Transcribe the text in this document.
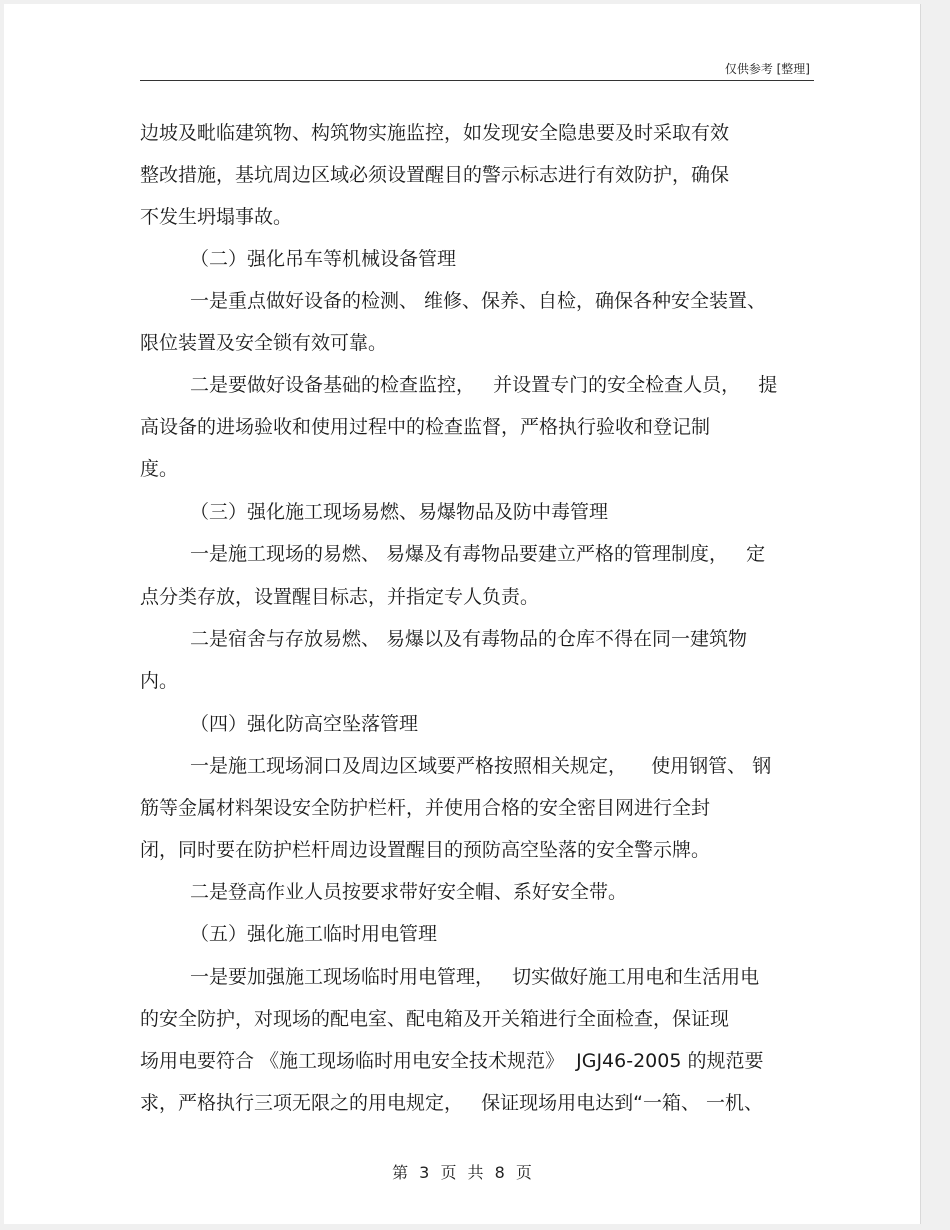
仅供参考 [整理]
边坡及毗临建筑物、构筑物实施监控，如发现安全隐患要及时采取有效
整改措施，基坑周边区域必须设置醒目的警示标志进行有效防护，确保
不发生坍塌事故。
（二）强化吊车等机械设备管理
一是重点做好设备的检测、 维修、保养、自检，确保各种安全装置、
限位装置及安全锁有效可靠。
二是要做好设备基础的检查监控，   并设置专门的安全检查人员，   提
高设备的进场验收和使用过程中的检查监督，严格执行验收和登记制
度。
（三）强化施工现场易燃、易爆物品及防中毒管理
一是施工现场的易燃、 易爆及有毒物品要建立严格的管理制度，   定
点分类存放，设置醒目标志，并指定专人负责。
二是宿舍与存放易燃、 易爆以及有毒物品的仓库不得在同一建筑物
内。
（四）强化防高空坠落管理
一是施工现场洞口及周边区域要严格按照相关规定，    使用钢管、 钢
筋等金属材料架设安全防护栏杆，并使用合格的安全密目网进行全封
闭，同时要在防护栏杆周边设置醒目的预防高空坠落的安全警示牌。
二是登高作业人员按要求带好安全帽、系好安全带。
（五）强化施工临时用电管理
一是要加强施工现场临时用电管理，   切实做好施工用电和生活用电
的安全防护，对现场的配电室、配电箱及开关箱进行全面检查，保证现
场用电要符合 《施工现场临时用电安全技术规范》  JGJ46-2005 的规范要
求，严格执行三项无限之的用电规定，   保证现场用电达到“一箱、 一机、
第 3 页 共 8 页
